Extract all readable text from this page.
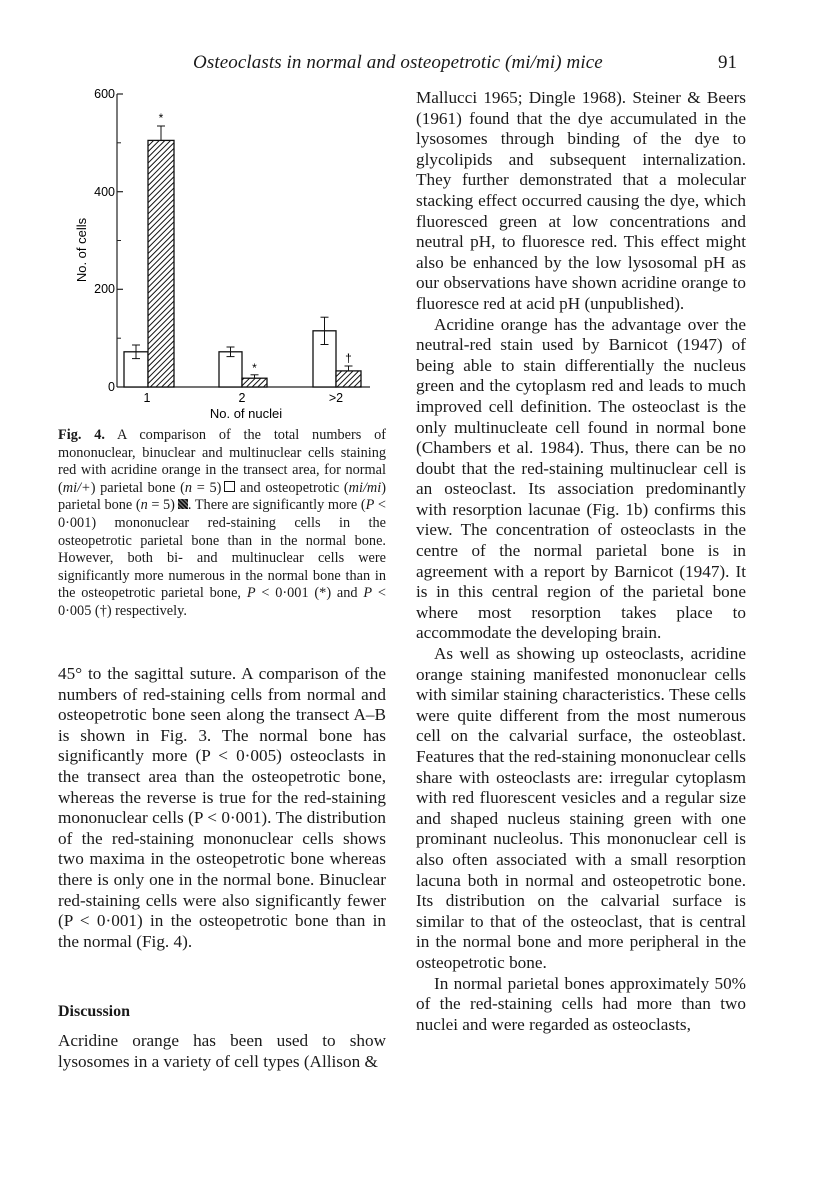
Osteoclasts in normal and osteopetrotic (mi/mi) mice	91
600
400
200
0
No. of cells
*
1
*
2
†
>2
No. of nuclei
Fig. 4. A comparison of the total numbers of mononuclear, binuclear and multinuclear cells staining red with acridine orange in the transect area, for normal (mi/+) parietal bone (n = 5) and osteopetrotic (mi/mi) parietal bone (n = 5) . There are significantly more (P < 0·001) mononuclear red-staining cells in the osteopetrotic parietal bone than in the normal bone. However, both bi- and multinuclear cells were significantly more numerous in the normal bone than in the osteopetrotic parietal bone, P < 0·001 (*) and P < 0·005 (†) respectively.

45° to the sagittal suture. A comparison of the numbers of red-staining cells from normal and osteopetrotic bone seen along the transect A–B is shown in Fig. 3. The normal bone has significantly more (P < 0·005) osteoclasts in the transect area than the osteopetrotic bone, whereas the reverse is true for the red-staining mononuclear cells (P < 0·001). The distribution of the red-staining mononuclear cells shows two maxima in the osteopetrotic bone whereas there is only one in the normal bone. Binuclear red-staining cells were also significantly fewer (P < 0·001) in the osteopetrotic bone than in the normal (Fig. 4).

Discussion

Acridine orange has been used to show lysosomes in a variety of cell types (Allison &

Mallucci 1965; Dingle 1968). Steiner & Beers (1961) found that the dye accumulated in the lysosomes through binding of the dye to glycolipids and subsequent internalization. They further demonstrated that a molecular stacking effect occurred causing the dye, which fluoresced green at low concentrations and neutral pH, to fluoresce red. This effect might also be enhanced by the low lysosomal pH as our observations have shown acridine orange to fluoresce red at acid pH (unpublished).

Acridine orange has the advantage over the neutral-red stain used by Barnicot (1947) of being able to stain differentially the nucleus green and the cytoplasm red and leads to much improved cell definition. The osteoclast is the only multinucleate cell found in normal bone (Chambers et al. 1984). Thus, there can be no doubt that the red-staining multinuclear cell is an osteoclast. Its association predominantly with resorption lacunae (Fig. 1b) confirms this view. The concentration of osteoclasts in the centre of the normal parietal bone is in agreement with a report by Barnicot (1947). It is in this central region of the parietal bone where most resorption takes place to accommodate the developing brain.

As well as showing up osteoclasts, acridine orange staining manifested mononuclear cells with similar staining characteristics. These cells were quite different from the most numerous cell on the calvarial surface, the osteoblast. Features that the red-staining mononuclear cells share with osteoclasts are: irregular cytoplasm with red fluorescent vesicles and a regular size and shaped nucleus staining green with one prominant nucleolus. This mononuclear cell is also often associated with a small resorption lacuna both in normal and osteopetrotic bone. Its distribution on the calvarial surface is similar to that of the osteoclast, that is central in the normal bone and more peripheral in the osteopetrotic bone.

In normal parietal bones approximately 50% of the red-staining cells had more than two nuclei and were regarded as osteoclasts,
